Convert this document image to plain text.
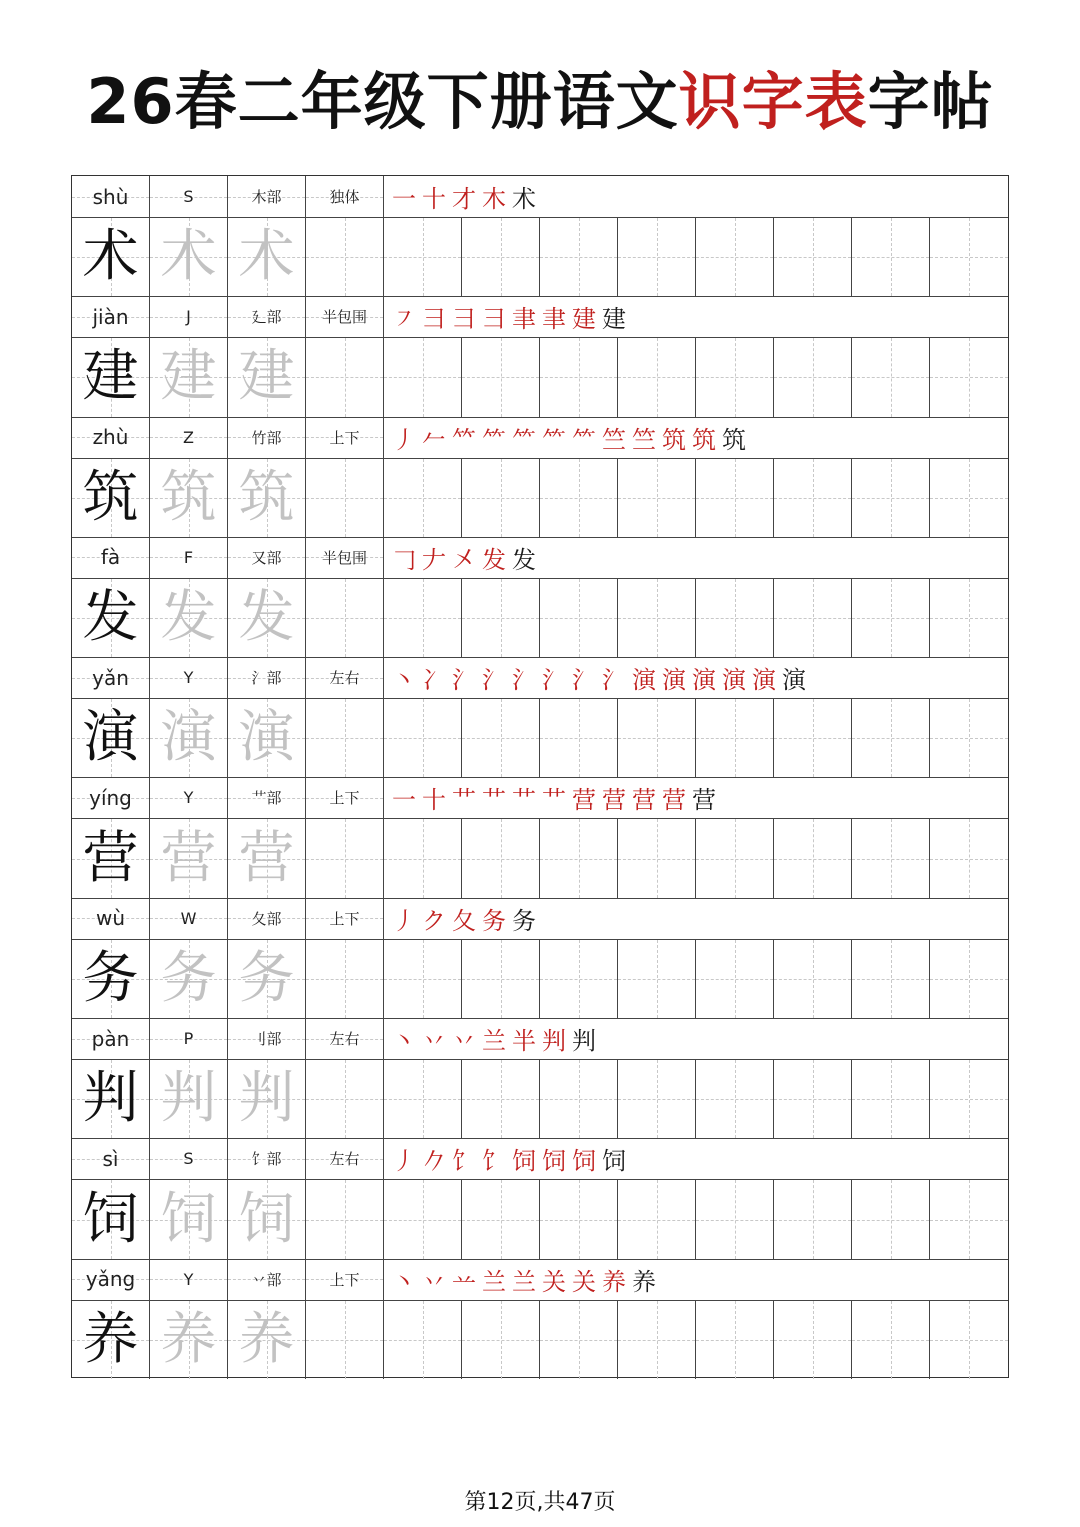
26春二年级下册语文识字表字帖
shù	S	木部	独体 一 十 才 木 术
术 术 术
jiàn	J	廴部	半包围 ㇇ ⺕ 彐 彐 聿 聿 建 建
建 建 建
zhù	Z	竹部	上下 丿 𠂉 𥫗 ⺮ ⺮ ⺮ ⺮ 竺 竺 筑 筑 筑
筑 筑 筑
fà	F	又部	半包围 𠃌 𠂇 㐅 发 发
发 发 发
yǎn	Y	氵部	左右 丶 冫 氵 氵 氵 氵 氵 氵 演 演 演 演 演 演
演 演 演
yíng	Y	艹部	上下 一 十 艹 艹 艹 艹 营 营 营 营 营
营 营 营
wù	W	夂部	上下 丿 ク 夂 务 务
务 务 务
pàn	P	刂部	左右 丶 丷 丷 兰 半 判 判
判 判 判
sì	S	饣部	左右 丿 𠂊 饣 饣 饲 饲 饲 饲
饲 饲 饲
yǎng	Y	丷部	上下 丶 丷 䒑 兰 兰 关 关 养 养
养 养 养
第12页,共47页
